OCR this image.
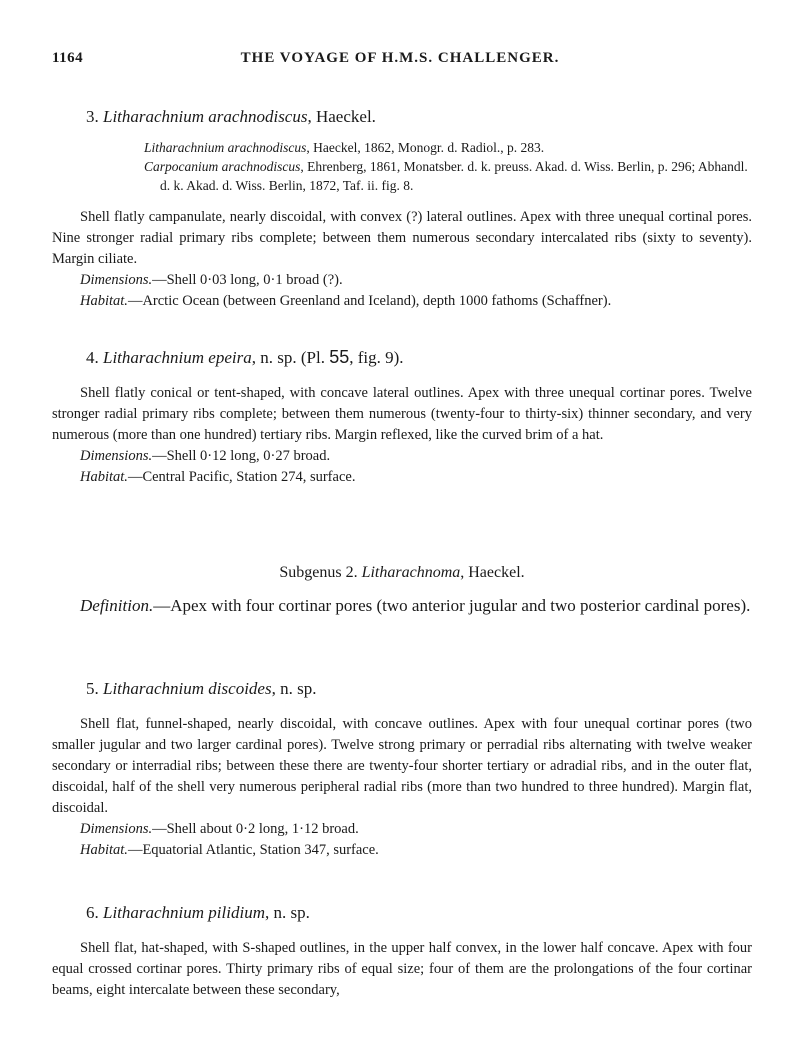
1164	THE VOYAGE OF H.M.S. CHALLENGER.
3. Litharachnium arachnodiscus, Haeckel.
Litharachnium arachnodiscus, Haeckel, 1862, Monogr. d. Radiol., p. 283.
Carpocanium arachnodiscus, Ehrenberg, 1861, Monatsber. d. k. preuss. Akad. d. Wiss. Berlin, p. 296; Abhandl. d. k. Akad. d. Wiss. Berlin, 1872, Taf. ii. fig. 8.

Shell flatly campanulate, nearly discoidal, with convex (?) lateral outlines. Apex with three unequal cortinal pores. Nine stronger radial primary ribs complete; between them numerous secondary intercalated ribs (sixty to seventy). Margin ciliate.

Dimensions.—Shell 0·03 long, 0·1 broad (?).

Habitat.—Arctic Ocean (between Greenland and Iceland), depth 1000 fathoms (Schaffner).

4. Litharachnium epeira, n. sp. (Pl. 55, fig. 9).

Shell flatly conical or tent-shaped, with concave lateral outlines. Apex with three unequal cortinar pores. Twelve stronger radial primary ribs complete; between them numerous (twenty-four to thirty-six) thinner secondary, and very numerous (more than one hundred) tertiary ribs. Margin reflexed, like the curved brim of a hat.

Dimensions.—Shell 0·12 long, 0·27 broad.

Habitat.—Central Pacific, Station 274, surface.

Subgenus 2. Litharachnoma, Haeckel.

Definition.—Apex with four cortinar pores (two anterior jugular and two posterior cardinal pores).

5. Litharachnium discoides, n. sp.

Shell flat, funnel-shaped, nearly discoidal, with concave outlines. Apex with four unequal cortinar pores (two smaller jugular and two larger cardinal pores). Twelve strong primary or perradial ribs alternating with twelve weaker secondary or interradial ribs; between these there are twenty-four shorter tertiary or adradial ribs, and in the outer flat, discoidal, half of the shell very numerous peripheral radial ribs (more than two hundred to three hundred). Margin flat, discoidal.

Dimensions.—Shell about 0·2 long, 1·12 broad.

Habitat.—Equatorial Atlantic, Station 347, surface.

6. Litharachnium pilidium, n. sp.

Shell flat, hat-shaped, with S-shaped outlines, in the upper half convex, in the lower half concave. Apex with four equal crossed cortinar pores. Thirty primary ribs of equal size; four of them are the prolongations of the four cortinar beams, eight intercalate between these secondary,
